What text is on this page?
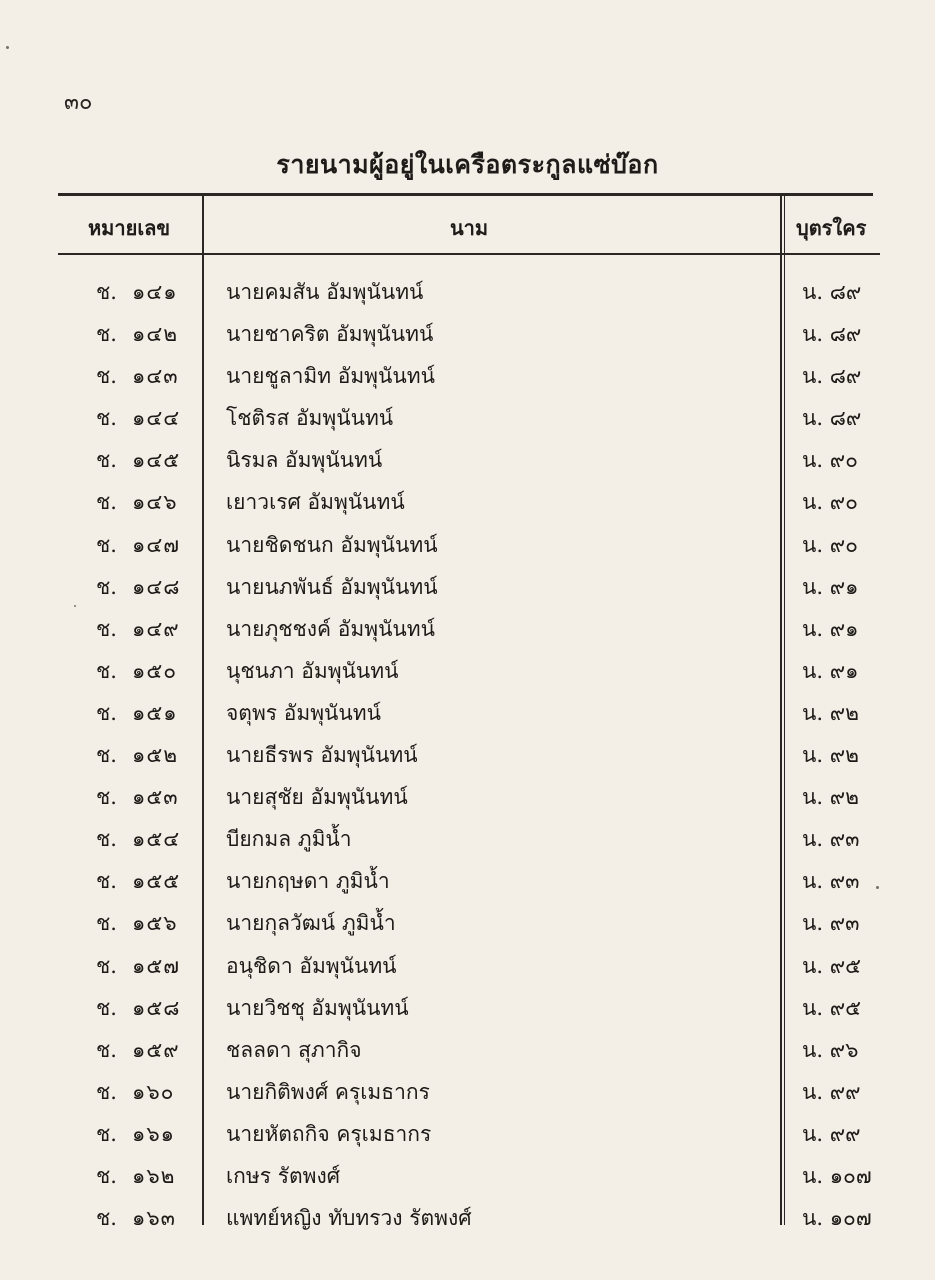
๓๐
รายนามผู้อยู่ในเครือตระกูลแซ่บ๊อก
หมายเลข	นาม	บุตรใคร
ช. ๑๔๑ นายคมสัน อัมพุนันทน์	น. ๘๙
ช. ๑๔๒ นายชาคริต อัมพุนันทน์	น. ๘๙
ช. ๑๔๓ นายชูลามิท อัมพุนันทน์	น. ๘๙
ช. ๑๔๔ โชติรส อัมพุนันทน์	น. ๘๙
ช. ๑๔๕ นิรมล อัมพุนันทน์	น. ๙๐
ช. ๑๔๖ เยาวเรศ อัมพุนันทน์	น. ๙๐
ช. ๑๔๗ นายชิดชนก อัมพุนันทน์	น. ๙๐
ช. ๑๔๘ นายนภพันธ์ อัมพุนันทน์	น. ๙๑
ช. ๑๔๙ นายภุชชงค์ อัมพุนันทน์	น. ๙๑
ช. ๑๕๐ นุชนภา อัมพุนันทน์	น. ๙๑
ช. ๑๕๑ จตุพร อัมพุนันทน์	น. ๙๒
ช. ๑๕๒ นายธีรพร อัมพุนันทน์	น. ๙๒
ช. ๑๕๓ นายสุชัย อัมพุนันทน์	น. ๙๒
ช. ๑๕๔ บียกมล ภูมิน้ำ	น. ๙๓
ช. ๑๕๕ นายกฤษดา ภูมิน้ำ	น. ๙๓
ช. ๑๕๖ นายกุลวัฒน์ ภูมิน้ำ	น. ๙๓
ช. ๑๕๗ อนุชิดา อัมพุนันทน์	น. ๙๕
ช. ๑๕๘ นายวิชชุ อัมพุนันทน์	น. ๙๕
ช. ๑๕๙ ชลลดา สุภากิจ	น. ๙๖
ช. ๑๖๐ นายกิติพงศ์ ครุเมธากร	น. ๙๙
ช. ๑๖๑ นายหัตถกิจ ครุเมธากร	น. ๙๙
ช. ๑๖๒ เกษร รัตพงศ์	น. ๑๐๗
ช. ๑๖๓ แพทย์หญิง ทับทรวง รัตพงศ์	น. ๑๐๗
